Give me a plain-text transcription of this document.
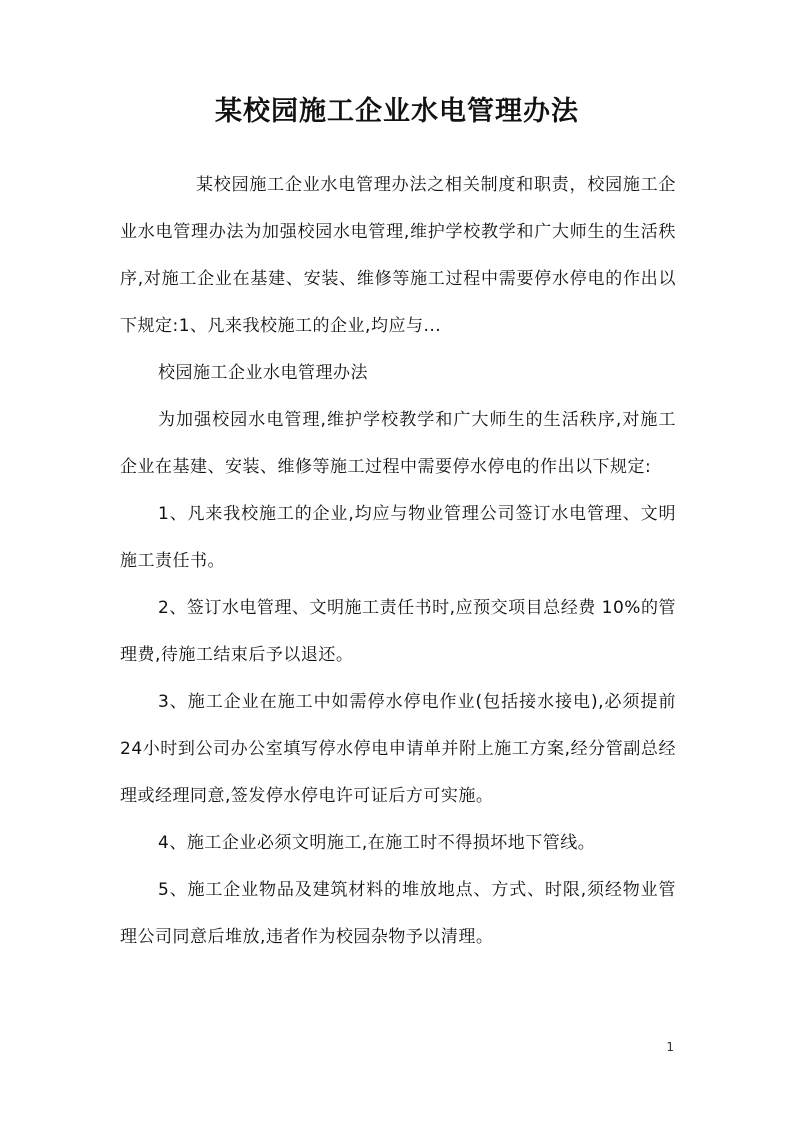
某校园施工企业水电管理办法

某校园施工企业水电管理办法之相关制度和职责，校园施工企业水电管理办法为加强校园水电管理,维护学校教学和广大师生的生活秩序,对施工企业在基建、安装、维修等施工过程中需要停水停电的作出以下规定:1、凡来我校施工的企业,均应与...

校园施工企业水电管理办法

为加强校园水电管理,维护学校教学和广大师生的生活秩序,对施工企业在基建、安装、维修等施工过程中需要停水停电的作出以下规定:

1、凡来我校施工的企业,均应与物业管理公司签订水电管理、文明施工责任书。

2、签订水电管理、文明施工责任书时,应预交项目总经费 10%的管理费,待施工结束后予以退还。

3、施工企业在施工中如需停水停电作业(包括接水接电),必须提前24小时到公司办公室填写停水停电申请单并附上施工方案,经分管副总经理或经理同意,签发停水停电许可证后方可实施。

4、施工企业必须文明施工,在施工时不得损坏地下管线。

5、施工企业物品及建筑材料的堆放地点、方式、时限,须经物业管理公司同意后堆放,违者作为校园杂物予以清理。

1
